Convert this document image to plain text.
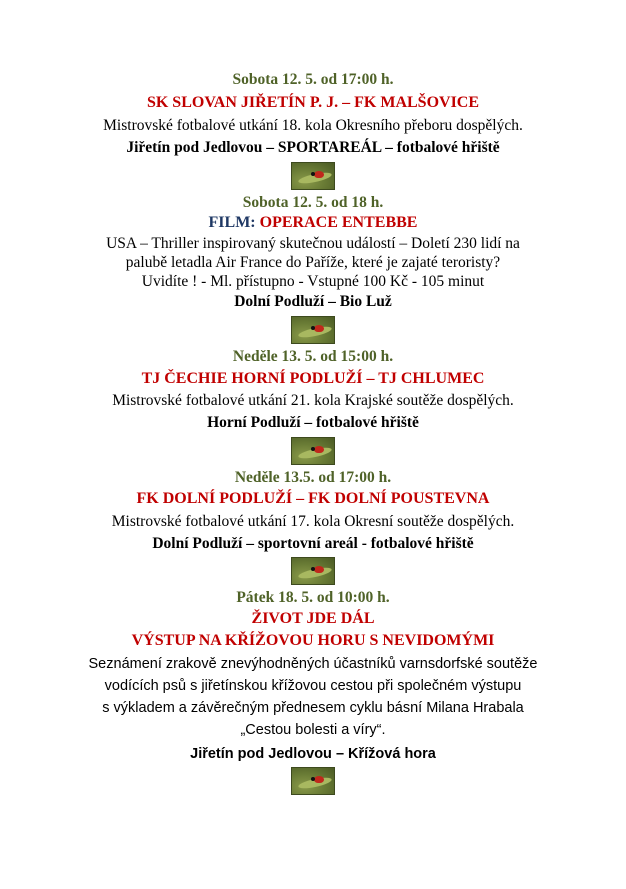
Sobota 12. 5. od 17:00 h.
SK SLOVAN JIŘETÍN P. J. – FK MALŠOVICE
Mistrovské fotbalové utkání 18. kola Okresního přeboru dospělých.
Jiřetín pod Jedlovou – SPORTAREÁL – fotbalové hřiště
Sobota 12. 5. od 18 h.
FILM: OPERACE ENTEBBE
USA – Thriller inspirovaný skutečnou událostí – Doletí 230 lidí na
palubě letadla Air France do Paříže, které je zajaté teroristy?
Uvidíte ! - Ml. přístupno - Vstupné 100 Kč - 105 minut
Dolní Podluží – Bio Luž
Neděle 13. 5. od 15:00 h.
TJ ČECHIE HORNÍ PODLUŽÍ – TJ CHLUMEC
Mistrovské fotbalové utkání 21. kola Krajské soutěže dospělých.
Horní Podluží – fotbalové hřiště
Neděle 13.5. od 17:00 h.
FK DOLNÍ PODLUŽÍ – FK DOLNÍ POUSTEVNA
Mistrovské fotbalové utkání 17. kola Okresní soutěže dospělých.
Dolní Podluží – sportovní areál - fotbalové hřiště
Pátek 18. 5. od 10:00 h.
ŽIVOT JDE DÁL
VÝSTUP NA KŘÍŽOVOU HORU S NEVIDOMÝMI
Seznámení zrakově znevýhodněných účastníků varnsdorfské soutěže
vodících psů s jiřetínskou křížovou cestou při společném výstupu
s výkladem a závěrečným přednesem cyklu básní Milana Hrabala
„Cestou bolesti a víry“.
Jiřetín pod Jedlovou – Křížová hora
